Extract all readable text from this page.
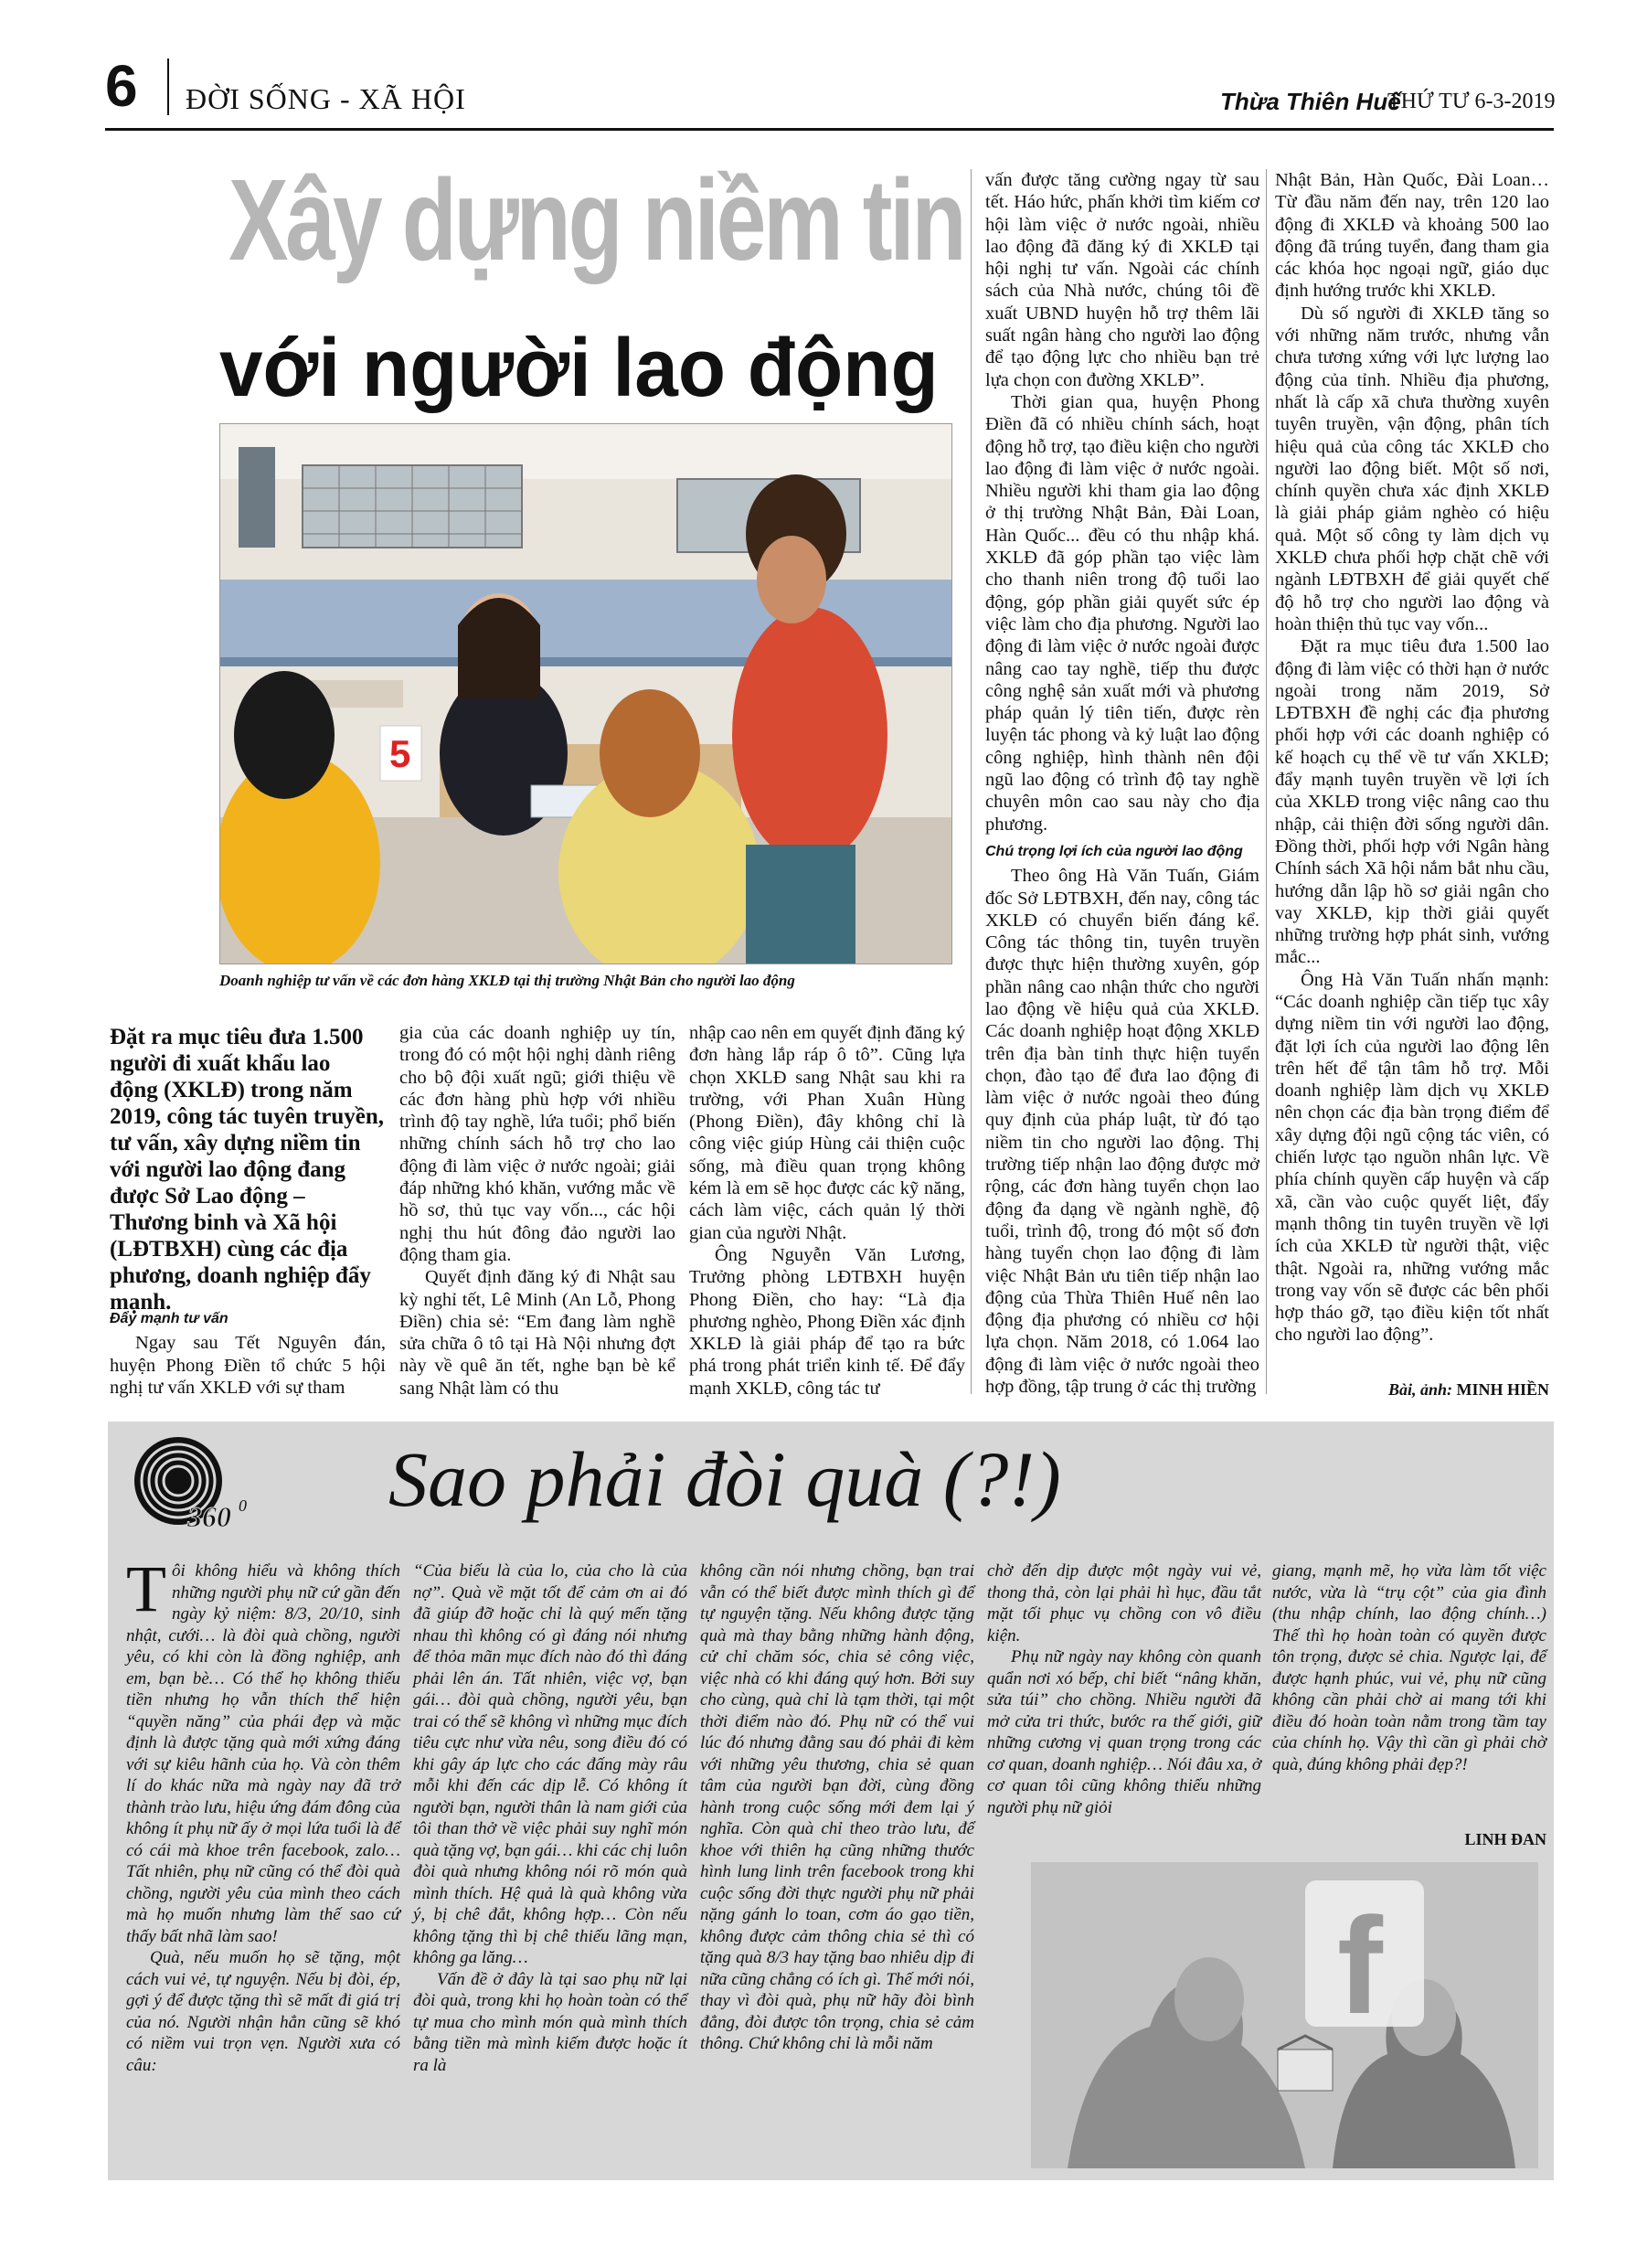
6 ĐỜI SỐNG - XÃ HỘI	Thừa Thiên Huế
THỨ TƯ 6-3-2019
Xây dựng niềm tin
với người lao động
5
Doanh nghiệp tư vấn về các đơn hàng XKLĐ tại thị trường Nhật Bản cho người lao động
Đặt ra mục tiêu đưa 1.500 người đi xuất khẩu lao động (XKLĐ) trong năm 2019, công tác tuyên truyền, tư vấn, xây dựng niềm tin với người lao động đang được Sở Lao động – Thương binh và Xã hội (LĐTBXH) cùng các địa phương, doanh nghiệp đẩy mạnh.
Đẩy mạnh tư vấn

Ngay sau Tết Nguyên đán, huyện Phong Điền tổ chức 5 hội nghị tư vấn XKLĐ với sự tham

gia của các doanh nghiệp uy tín, trong đó có một hội nghị dành riêng cho bộ đội xuất ngũ; giới thiệu về các đơn hàng phù hợp với nhiều trình độ tay nghề, lứa tuổi; phổ biến những chính sách hỗ trợ cho lao động đi làm việc ở nước ngoài; giải đáp những khó khăn, vướng mắc về hồ sơ, thủ tục vay vốn..., các hội nghị thu hút đông đảo người lao động tham gia.

Quyết định đăng ký đi Nhật sau kỳ nghỉ tết, Lê Minh (An Lỗ, Phong Điền) chia sẻ: “Em đang làm nghề sửa chữa ô tô tại Hà Nội nhưng đợt này về quê ăn tết, nghe bạn bè kể sang Nhật làm có thu

nhập cao nên em quyết định đăng ký đơn hàng lắp ráp ô tô”. Cũng lựa chọn XKLĐ sang Nhật sau khi ra trường, với Phan Xuân Hùng (Phong Điền), đây không chỉ là công việc giúp Hùng cải thiện cuộc sống, mà điều quan trọng không kém là em sẽ học được các kỹ năng, cách làm việc, cách quản lý thời gian của người Nhật.

Ông Nguyễn Văn Lương, Trưởng phòng LĐTBXH huyện Phong Điền, cho hay: “Là địa phương nghèo, Phong Điền xác định XKLĐ là giải pháp để tạo ra bức phá trong phát triển kinh tế. Để đẩy mạnh XKLĐ, công tác tư

vấn được tăng cường ngay từ sau tết. Háo hức, phấn khởi tìm kiếm cơ hội làm việc ở nước ngoài, nhiều lao động đã đăng ký đi XKLĐ tại hội nghị tư vấn. Ngoài các chính sách của Nhà nước, chúng tôi đề xuất UBND huyện hỗ trợ thêm lãi suất ngân hàng cho người lao động để tạo động lực cho nhiều bạn trẻ lựa chọn con đường XKLĐ”.

Thời gian qua, huyện Phong Điền đã có nhiều chính sách, hoạt động hỗ trợ, tạo điều kiện cho người lao động đi làm việc ở nước ngoài. Nhiều người khi tham gia lao động ở thị trường Nhật Bản, Đài Loan, Hàn Quốc... đều có thu nhập khá. XKLĐ đã góp phần tạo việc làm cho thanh niên trong độ tuổi lao động, góp phần giải quyết sức ép việc làm cho địa phương. Người lao động đi làm việc ở nước ngoài được nâng cao tay nghề, tiếp thu được công nghệ sản xuất mới và phương pháp quản lý tiên tiến, được rèn luyện tác phong và kỷ luật lao động công nghiệp, hình thành nên đội ngũ lao động có trình độ tay nghề chuyên môn cao sau này cho địa phương.

Chú trọng lợi ích của người lao động

Theo ông Hà Văn Tuấn, Giám đốc Sở LĐTBXH, đến nay, công tác XKLĐ có chuyển biến đáng kể. Công tác thông tin, tuyên truyền được thực hiện thường xuyên, góp phần nâng cao nhận thức cho người lao động về hiệu quả của XKLĐ. Các doanh nghiệp hoạt động XKLĐ trên địa bàn tỉnh thực hiện tuyển chọn, đào tạo để đưa lao động đi làm việc ở nước ngoài theo đúng quy định của pháp luật, từ đó tạo niềm tin cho người lao động. Thị trường tiếp nhận lao động được mở rộng, các đơn hàng tuyển chọn lao động đa dạng về ngành nghề, độ tuổi, trình độ, trong đó một số đơn hàng tuyển chọn lao động đi làm việc Nhật Bản ưu tiên tiếp nhận lao động của Thừa Thiên Huế nên lao động địa phương có nhiều cơ hội lựa chọn. Năm 2018, có 1.064 lao động đi làm việc ở nước ngoài theo hợp đồng, tập trung ở các thị trường

Nhật Bản, Hàn Quốc, Đài Loan… Từ đầu năm đến nay, trên 120 lao động đi XKLĐ và khoảng 500 lao động đã trúng tuyển, đang tham gia các khóa học ngoại ngữ, giáo dục định hướng trước khi XKLĐ.

Dù số người đi XKLĐ tăng so với những năm trước, nhưng vẫn chưa tương xứng với lực lượng lao động của tỉnh. Nhiều địa phương, nhất là cấp xã chưa thường xuyên tuyên truyền, vận động, phân tích hiệu quả của công tác XKLĐ cho người lao động biết. Một số nơi, chính quyền chưa xác định XKLĐ là giải pháp giảm nghèo có hiệu quả. Một số công ty làm dịch vụ XKLĐ chưa phối hợp chặt chẽ với ngành LĐTBXH để giải quyết chế độ hỗ trợ cho người lao động và hoàn thiện thủ tục vay vốn...

Đặt ra mục tiêu đưa 1.500 lao động đi làm việc có thời hạn ở nước ngoài trong năm 2019, Sở LĐTBXH đề nghị các địa phương phối hợp với các doanh nghiệp có kế hoạch cụ thể về tư vấn XKLĐ; đẩy mạnh tuyên truyền về lợi ích của XKLĐ trong việc nâng cao thu nhập, cải thiện đời sống người dân. Đồng thời, phối hợp với Ngân hàng Chính sách Xã hội nắm bắt nhu cầu, hướng dẫn lập hồ sơ giải ngân cho vay XKLĐ, kịp thời giải quyết những trường hợp phát sinh, vướng mắc...

Ông Hà Văn Tuấn nhấn mạnh: “Các doanh nghiệp cần tiếp tục xây dựng niềm tin với người lao động, đặt lợi ích của người lao động lên trên hết để tận tâm hỗ trợ. Mỗi doanh nghiệp làm dịch vụ XKLĐ nên chọn các địa bàn trọng điểm để xây dựng đội ngũ cộng tác viên, có chiến lược tạo nguồn nhân lực. Về phía chính quyền cấp huyện và cấp xã, cần vào cuộc quyết liệt, đẩy mạnh thông tin tuyên truyền về lợi ích của XKLĐ từ người thật, việc thật. Ngoài ra, những vướng mắc trong vay vốn sẽ được các bên phối hợp tháo gỡ, tạo điều kiện tốt nhất cho người lao động”.

Bài, ảnh: MINH HIỀN
360 0 Sao phải đòi quà (?!)

Tôi không hiểu và không thích những người phụ nữ cứ gần đến ngày kỷ niệm: 8/3, 20/10, sinh nhật, cưới… là đòi quà chồng, người yêu, có khi còn là đồng nghiệp, anh em, bạn bè… Có thể họ không thiếu tiền nhưng họ vẫn thích thể hiện “quyền năng” của phái đẹp và mặc định là được tặng quà mới xứng đáng với sự kiêu hãnh của họ. Và còn thêm lí do khác nữa mà ngày nay đã trở thành trào lưu, hiệu ứng đám đông của không ít phụ nữ ấy ở mọi lứa tuổi là để có cái mà khoe trên facebook, zalo… Tất nhiên, phụ nữ cũng có thể đòi quà chồng, người yêu của mình theo cách mà họ muốn nhưng làm thế sao cứ thấy bất nhã làm sao!

Quà, nếu muốn họ sẽ tặng, một cách vui vẻ, tự nguyện. Nếu bị đòi, ép, gợi ý để được tặng thì sẽ mất đi giá trị của nó. Người nhận hẳn cũng sẽ khó có niềm vui trọn vẹn. Người xưa có câu:

“Của biếu là của lo, của cho là của nợ”. Quà về mặt tốt để cảm ơn ai đó đã giúp đỡ hoặc chỉ là quý mến tặng nhau thì không có gì đáng nói nhưng để thỏa mãn mục đích nào đó thì đáng phải lên án. Tất nhiên, việc vợ, bạn gái… đòi quà chồng, người yêu, bạn trai có thể sẽ không vì những mục đích tiêu cực như vừa nêu, song điều đó có khi gây áp lực cho các đấng mày râu mỗi khi đến các dịp lễ. Có không ít người bạn, người thân là nam giới của tôi than thở về việc phải suy nghĩ món quà tặng vợ, bạn gái… khi các chị luôn đòi quà nhưng không nói rõ món quà mình thích. Hệ quả là quà không vừa ý, bị chê đắt, không hợp… Còn nếu không tặng thì bị chê thiếu lãng mạn, không ga lăng…

Vấn đề ở đây là tại sao phụ nữ lại đòi quà, trong khi họ hoàn toàn có thể tự mua cho mình món quà mình thích bằng tiền mà mình kiếm được hoặc ít ra là

không cần nói nhưng chồng, bạn trai vẫn có thể biết được mình thích gì để tự nguyện tặng. Nếu không được tặng quà mà thay bằng những hành động, cử chỉ chăm sóc, chia sẻ công việc, việc nhà có khi đáng quý hơn. Bởi suy cho cùng, quà chỉ là tạm thời, tại một thời điểm nào đó. Phụ nữ có thể vui lúc đó nhưng đằng sau đó phải đi kèm với những yêu thương, chia sẻ quan tâm của người bạn đời, cùng đồng hành trong cuộc sống mới đem lại ý nghĩa. Còn quà chỉ theo trào lưu, để khoe với thiên hạ cũng những thước hình lung linh trên facebook trong khi cuộc sống đời thực người phụ nữ phải nặng gánh lo toan, cơm áo gạo tiền, không được cảm thông chia sẻ thì có tặng quà 8/3 hay tặng bao nhiêu dịp đi nữa cũng chẳng có ích gì. Thế mới nói, thay vì đòi quà, phụ nữ hãy đòi bình đẳng, đòi được tôn trọng, chia sẻ cảm thông. Chứ không chỉ là mỗi năm

chờ đến dịp được một ngày vui vẻ, thong thả, còn lại phải hì hục, đầu tắt mặt tối phục vụ chồng con vô điều kiện.

Phụ nữ ngày nay không còn quanh quẩn nơi xó bếp, chỉ biết “nâng khăn, sửa túi” cho chồng. Nhiều người đã mở cửa tri thức, bước ra thế giới, giữ những cương vị quan trọng trong các cơ quan, doanh nghiệp… Nói đâu xa, ở cơ quan tôi cũng không thiếu những người phụ nữ giỏi

giang, mạnh mẽ, họ vừa làm tốt việc nước, vừa là “trụ cột” của gia đình (thu nhập chính, lao động chính…) Thế thì họ hoàn toàn có quyền được tôn trọng, được sẻ chia. Ngược lại, để được hạnh phúc, vui vẻ, phụ nữ cũng không cần phải chờ ai mang tới khi điều đó hoàn toàn nằm trong tầm tay của chính họ. Vậy thì cần gì phải chờ quà, đúng không phải đẹp?!

LINH ĐAN
f
